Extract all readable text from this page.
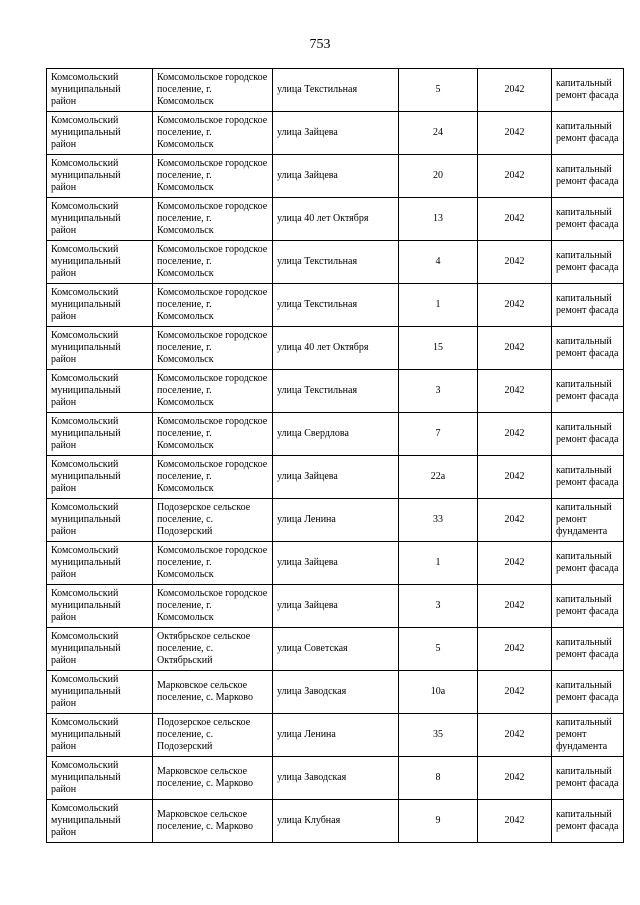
753
Комсомольский муниципальный район	Комсомольское городское поселение, г. Комсомольск	улица Текстильная	5	2042	капитальный ремонт фасада
Комсомольский муниципальный район	Комсомольское городское поселение, г. Комсомольск	улица Зайцева	24	2042	капитальный ремонт фасада
Комсомольский муниципальный район	Комсомольское городское поселение, г. Комсомольск	улица Зайцева	20	2042	капитальный ремонт фасада
Комсомольский муниципальный район	Комсомольское городское поселение, г. Комсомольск	улица 40 лет Октября	13	2042	капитальный ремонт фасада
Комсомольский муниципальный район	Комсомольское городское поселение, г. Комсомольск	улица Текстильная	4	2042	капитальный ремонт фасада
Комсомольский муниципальный район	Комсомольское городское поселение, г. Комсомольск	улица Текстильная	1	2042	капитальный ремонт фасада
Комсомольский муниципальный район	Комсомольское городское поселение, г. Комсомольск	улица 40 лет Октября	15	2042	капитальный ремонт фасада
Комсомольский муниципальный район	Комсомольское городское поселение, г. Комсомольск	улица Текстильная	3	2042	капитальный ремонт фасада
Комсомольский муниципальный район	Комсомольское городское поселение, г. Комсомольск	улица Свердлова	7	2042	капитальный ремонт фасада
Комсомольский муниципальный район	Комсомольское городское поселение, г. Комсомольск	улица Зайцева	22а	2042	капитальный ремонт фасада
Комсомольский муниципальный район	Подозерское сельское поселение, с. Подозерский	улица Ленина	33	2042	капитальный ремонт фундамента
Комсомольский муниципальный район	Комсомольское городское поселение, г. Комсомольск	улица Зайцева	1	2042	капитальный ремонт фасада
Комсомольский муниципальный район	Комсомольское городское поселение, г. Комсомольск	улица Зайцева	3	2042	капитальный ремонт фасада
Комсомольский муниципальный район	Октябрьское сельское поселение, с. Октябрьский	улица Советская	5	2042	капитальный ремонт фасада
Комсомольский муниципальный район	Марковское сельское поселение, с. Марково	улица Заводская	10а	2042	капитальный ремонт фасада
Комсомольский муниципальный район	Подозерское сельское поселение, с. Подозерский	улица Ленина	35	2042	капитальный ремонт фундамента
Комсомольский муниципальный район	Марковское сельское поселение, с. Марково	улица Заводская	8	2042	капитальный ремонт фасада
Комсомольский муниципальный район	Марковское сельское поселение, с. Марково	улица Клубная	9	2042	капитальный ремонт фасада
